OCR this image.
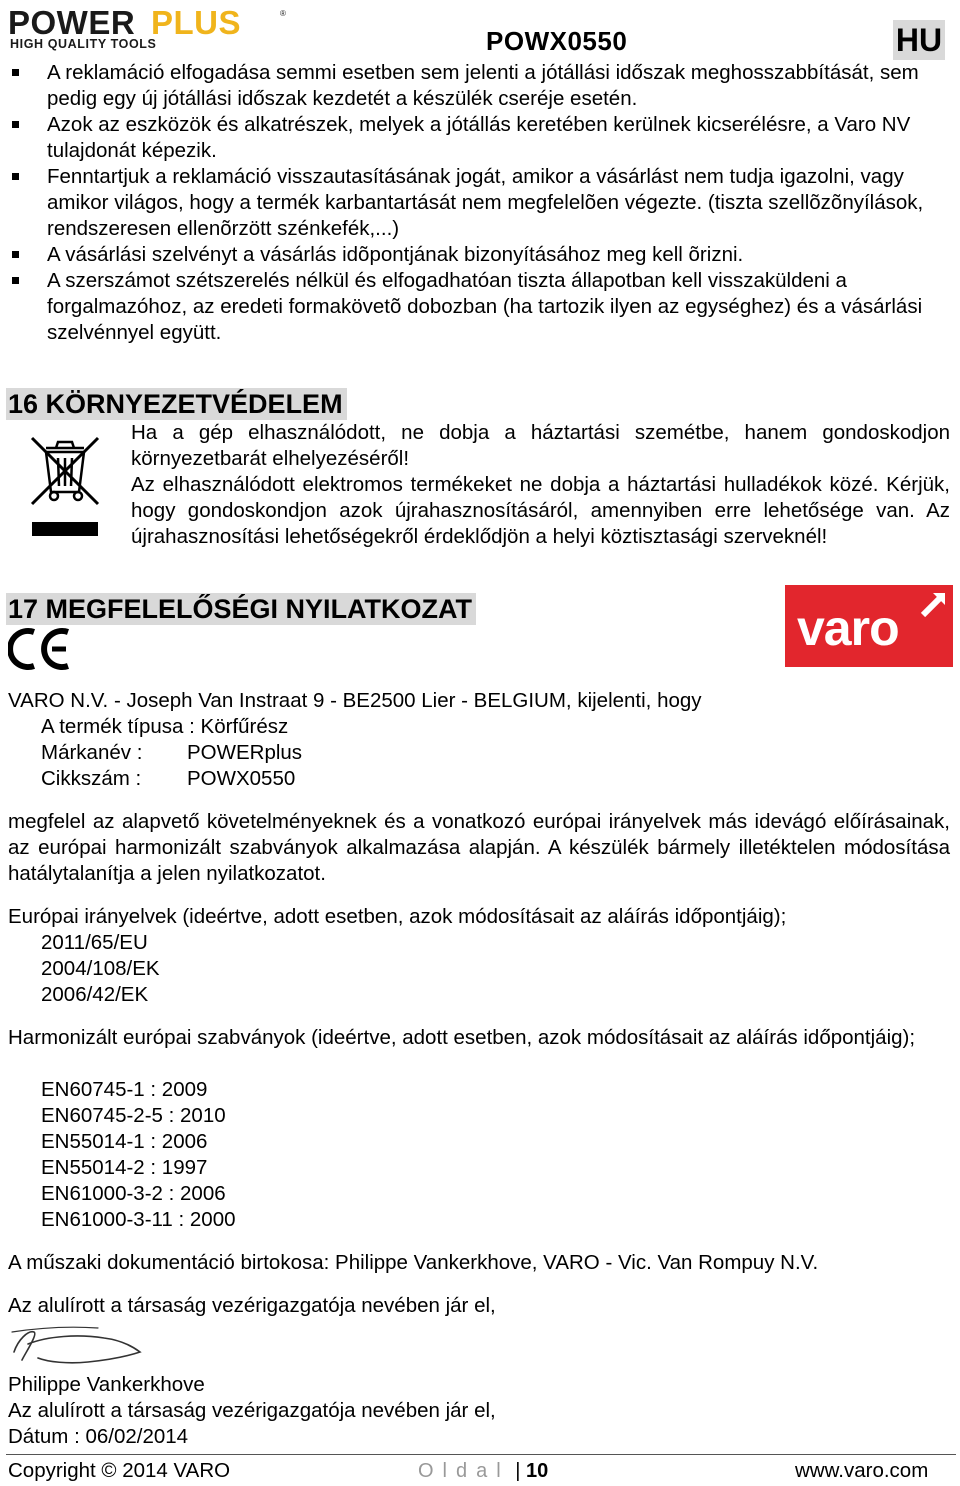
POWER PLUS	®
HIGH QUALITY TOOLS	POWX0550	HU
A reklamáció elfogadása semmi esetben sem jelenti a jótállási időszak meghosszabbítását, sem pedig egy új jótállási időszak kezdetét a készülék cseréje esetén.
Azok az eszközök és alkatrészek, melyek a jótállás keretében kerülnek kicserélésre, a Varo NV tulajdonát képezik.
Fenntartjuk a reklamáció visszautasításának jogát, amikor a vásárlást nem tudja igazolni, vagy amikor világos, hogy a termék karbantartását nem megfelelõen végezte. (tiszta szellõzõnyílások, rendszeresen ellenõrzött szénkefék,...)
A vásárlási szelvényt a vásárlás idõpontjának bizonyításához meg kell õrizni.
A szerszámot szétszerelés nélkül és elfogadhatóan tiszta állapotban kell visszaküldeni a forgalmazóhoz, az eredeti formakövetõ dobozban (ha tartozik ilyen az egységhez) és a vásárlási szelvénnyel együtt.
16 KÖRNYEZETVÉDELEM

Ha a gép elhasználódott, ne dobja a háztartási szemétbe, hanem gondoskodjon környezetbarát elhelyezéséről!

Az elhasználódott elektromos termékeket ne dobja a háztartási hulladékok közé. Kérjük, hogy gondoskondjon azok újrahasznosításáról, amennyiben erre lehetősége van. Az újrahasznosítási lehetőségekről érdeklődjön a helyi köztisztasági szerveknél!

17 MEGFELELŐSÉGI NYILATKOZAT	varo
VARO N.V. - Joseph Van Instraat 9 - BE2500 Lier - BELGIUM, kijelenti, hogy
A termék típusa : Körfűrész
Márkanév : POWERplus
Cikkszám : POWX0550
megfelel az alapvető követelményeknek és a vonatkozó európai irányelvek más idevágó előírásainak, az európai harmonizált szabványok alkalmazása alapján. A készülék bármely illetéktelen módosítása hatálytalanítja a jelen nyilatkozatot.
Európai irányelvek (ideértve, adott esetben, azok módosításait az aláírás időpontjáig);
2011/65/EU
2004/108/EK
2006/42/EK
Harmonizált európai szabványok (ideértve, adott esetben, azok módosításait az aláírás időpontjáig);
EN60745-1 : 2009
EN60745-2-5 : 2010
EN55014-1 : 2006
EN55014-2 : 1997
EN61000-3-2 : 2006
EN61000-3-11 : 2000
A műszaki dokumentáció birtokosa: Philippe Vankerkhove, VARO - Vic. Van Rompuy N.V.
Az alulírott a társaság vezérigazgatója nevében jár el,
Philippe Vankerkhove
Az alulírott a társaság vezérigazgatója nevében jár el,
Dátum : 06/02/2014
Copyright © 2014 VARO	Oldal | 10	www.varo.com
